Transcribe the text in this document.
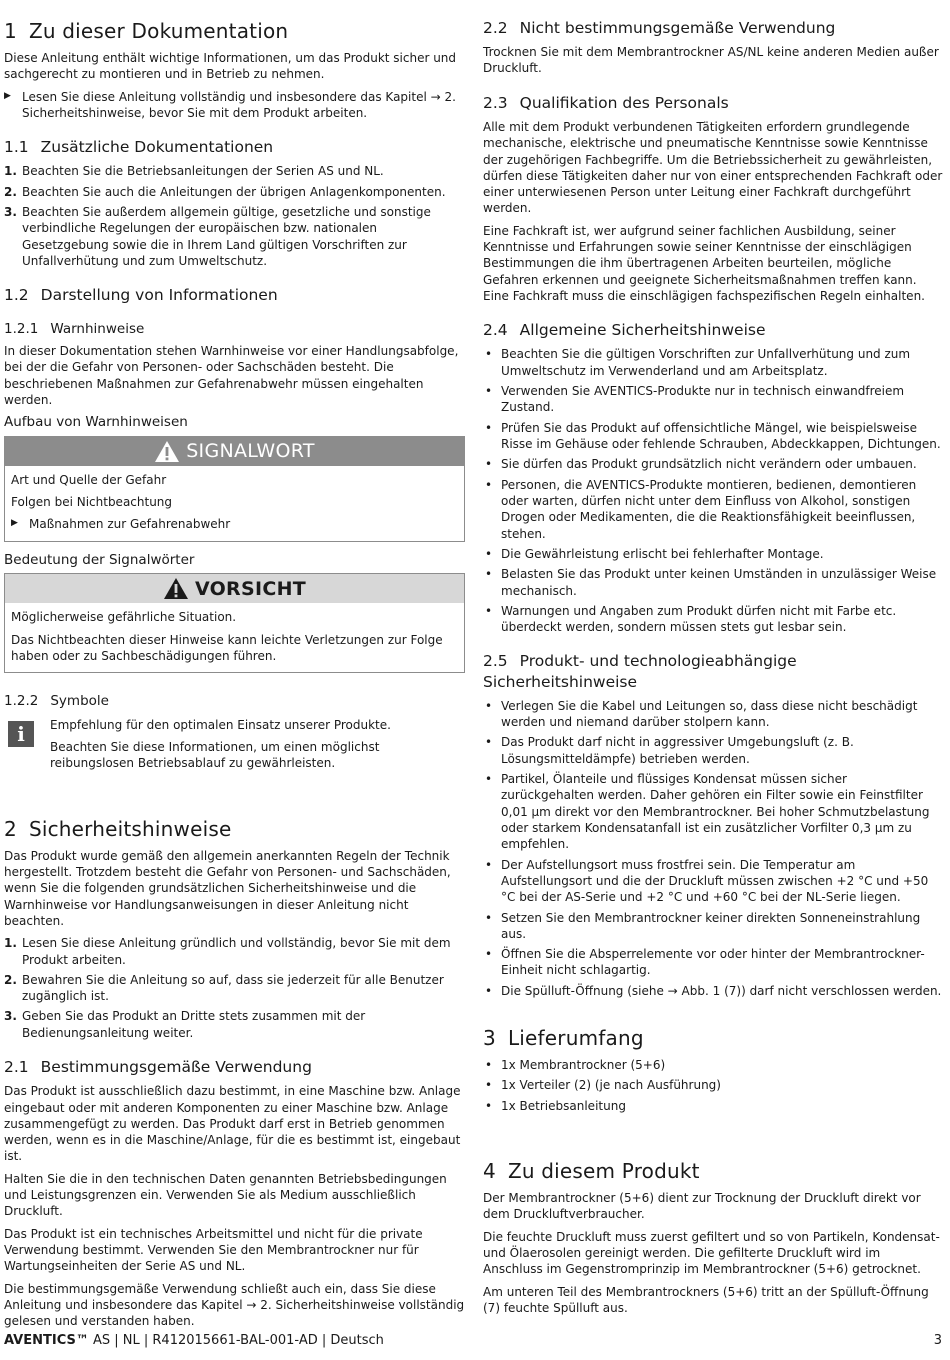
1 Zu dieser Dokumentation

Diese Anleitung enthält wichtige Informationen, um das Produkt sicher und sachgerecht zu montieren und in Betrieb zu nehmen.

▶ Lesen Sie diese Anleitung vollständig und insbesondere das Kapitel → 2. Sicherheitshinweise, bevor Sie mit dem Produkt arbeiten.
1.1 Zusätzliche Dokumentationen
1. Beachten Sie die Betriebsanleitungen der Serien AS und NL.
2. Beachten Sie auch die Anleitungen der übrigen Anlagenkomponenten.
3. Beachten Sie außerdem allgemein gültige, gesetzliche und sonstige verbindliche Regelungen der europäischen bzw. nationalen Gesetzgebung sowie die in Ihrem Land gültigen Vorschriften zur Unfallverhütung und zum Umweltschutz.
1.2 Darstellung von Informationen
1.2.1 Warnhinweise

In dieser Dokumentation stehen Warnhinweise vor einer Handlungsabfolge, bei der die Gefahr von Personen- oder Sachschäden besteht. Die beschriebenen Maßnahmen zur Gefahrenabwehr müssen eingehalten werden.

Aufbau von Warnhinweisen
SIGNALWORT

Art und Quelle der Gefahr

Folgen bei Nichtbeachtung

▶ Maßnahmen zur Gefahrenabwehr
Bedeutung der Signalwörter
VORSICHT

Möglicherweise gefährliche Situation.

Das Nichtbeachten dieser Hinweise kann leichte Verletzungen zur Folge haben oder zu Sachbeschädigungen führen.

1.2.2 Symbole
i	Empfehlung für den optimalen Einsatz unserer Produkte.

Beachten Sie diese Informationen, um einen möglichst reibungslosen Betriebsablauf zu gewährleisten.

2 Sicherheitshinweise

Das Produkt wurde gemäß den allgemein anerkannten Regeln der Technik hergestellt. Trotzdem besteht die Gefahr von Personen- und Sachschäden, wenn Sie die folgenden grundsätzlichen Sicherheitshinweise und die Warnhinweise vor Handlungsanweisungen in dieser Anleitung nicht beachten.

1. Lesen Sie diese Anleitung gründlich und vollständig, bevor Sie mit dem Produkt arbeiten.
2. Bewahren Sie die Anleitung so auf, dass sie jederzeit für alle Benutzer zugänglich ist.
3. Geben Sie das Produkt an Dritte stets zusammen mit der Bedienungsanleitung weiter.
2.1 Bestimmungsgemäße Verwendung

Das Produkt ist ausschließlich dazu bestimmt, in eine Maschine bzw. Anlage eingebaut oder mit anderen Komponenten zu einer Maschine bzw. Anlage zusammengefügt zu werden. Das Produkt darf erst in Betrieb genommen werden, wenn es in die Maschine/Anlage, für die es bestimmt ist, eingebaut ist.

Halten Sie die in den technischen Daten genannten Betriebsbedingungen und Leistungsgrenzen ein. Verwenden Sie als Medium ausschließlich Druckluft.

Das Produkt ist ein technisches Arbeitsmittel und nicht für die private Verwendung bestimmt. Verwenden Sie den Membrantrockner nur für Wartungseinheiten der Serie AS und NL.

Die bestimmungsgemäße Verwendung schließt auch ein, dass Sie diese Anleitung und insbesondere das Kapitel → 2. Sicherheitshinweise vollständig gelesen und verstanden haben.

2.2 Nicht bestimmungsgemäße Verwendung

Trocknen Sie mit dem Membrantrockner AS/NL keine anderen Medien außer Druckluft.

2.3 Qualifikation des Personals

Alle mit dem Produkt verbundenen Tätigkeiten erfordern grundlegende mechanische, elektrische und pneumatische Kenntnisse sowie Kenntnisse der zugehörigen Fachbegriffe. Um die Betriebssicherheit zu gewährleisten, dürfen diese Tätigkeiten daher nur von einer entsprechenden Fachkraft oder einer unterwiesenen Person unter Leitung einer Fachkraft durchgeführt werden.

Eine Fachkraft ist, wer aufgrund seiner fachlichen Ausbildung, seiner Kenntnisse und Erfahrungen sowie seiner Kenntnisse der einschlägigen Bestimmungen die ihm übertragenen Arbeiten beurteilen, mögliche Gefahren erkennen und geeignete Sicherheitsmaßnahmen treffen kann. Eine Fachkraft muss die einschlägigen fachspezifischen Regeln einhalten.

2.4 Allgemeine Sicherheitshinweise
• Beachten Sie die gültigen Vorschriften zur Unfallverhütung und zum Umweltschutz im Verwenderland und am Arbeitsplatz.
• Verwenden Sie AVENTICS-Produkte nur in technisch einwandfreiem Zustand.
• Prüfen Sie das Produkt auf offensichtliche Mängel, wie beispielsweise Risse im Gehäuse oder fehlende Schrauben, Abdeckkappen, Dichtungen.
• Sie dürfen das Produkt grundsätzlich nicht verändern oder umbauen.
• Personen, die AVENTICS-Produkte montieren, bedienen, demontieren oder warten, dürfen nicht unter dem Einfluss von Alkohol, sonstigen Drogen oder Medikamenten, die die Reaktionsfähigkeit beeinflussen, stehen.
• Die Gewährleistung erlischt bei fehlerhafter Montage.
• Belasten Sie das Produkt unter keinen Umständen in unzulässiger Weise mechanisch.
• Warnungen und Angaben zum Produkt dürfen nicht mit Farbe etc. überdeckt werden, sondern müssen stets gut lesbar sein.
2.5 Produkt- und technologieabhängige Sicherheitshinweise
• Verlegen Sie die Kabel und Leitungen so, dass diese nicht beschädigt werden und niemand darüber stolpern kann.
• Das Produkt darf nicht in aggressiver Umgebungsluft (z. B. Lösungsmitteldämpfe) betrieben werden.
• Partikel, Ölanteile und flüssiges Kondensat müssen sicher zurückgehalten werden. Daher gehören ein Filter sowie ein Feinstfilter 0,01 µm direkt vor den Membrantrockner. Bei hoher Schmutzbelastung oder starkem Kondensatanfall ist ein zusätzlicher Vorfilter 0,3 µm zu empfehlen.
• Der Aufstellungsort muss frostfrei sein. Die Temperatur am Aufstellungsort und die der Druckluft müssen zwischen +2 °C und +50 °C bei der AS-Serie und +2 °C und +60 °C bei der NL-Serie liegen.
• Setzen Sie den Membrantrockner keiner direkten Sonneneinstrahlung aus.
• Öffnen Sie die Absperrelemente vor oder hinter der Membrantrockner-Einheit nicht schlagartig.
• Die Spülluft-Öffnung (siehe → Abb. 1 (7)) darf nicht verschlossen werden.
3 Lieferumfang
• 1x Membrantrockner (5+6)
• 1x Verteiler (2) (je nach Ausführung)
• 1x Betriebsanleitung
4 Zu diesem Produkt

Der Membrantrockner (5+6) dient zur Trocknung der Druckluft direkt vor dem Druckluftverbraucher.

Die feuchte Druckluft muss zuerst gefiltert und so von Partikeln, Kondensat- und Ölaerosolen gereinigt werden. Die gefilterte Druckluft wird im Anschluss im Gegenstromprinzip im Membrantrockner (5+6) getrocknet.

Am unteren Teil des Membrantrockners (5+6) tritt an der Spülluft-Öffnung (7) feuchte Spülluft aus.

AVENTICS™ AS | NL | R412015661-BAL-001-AD | Deutsch	3
